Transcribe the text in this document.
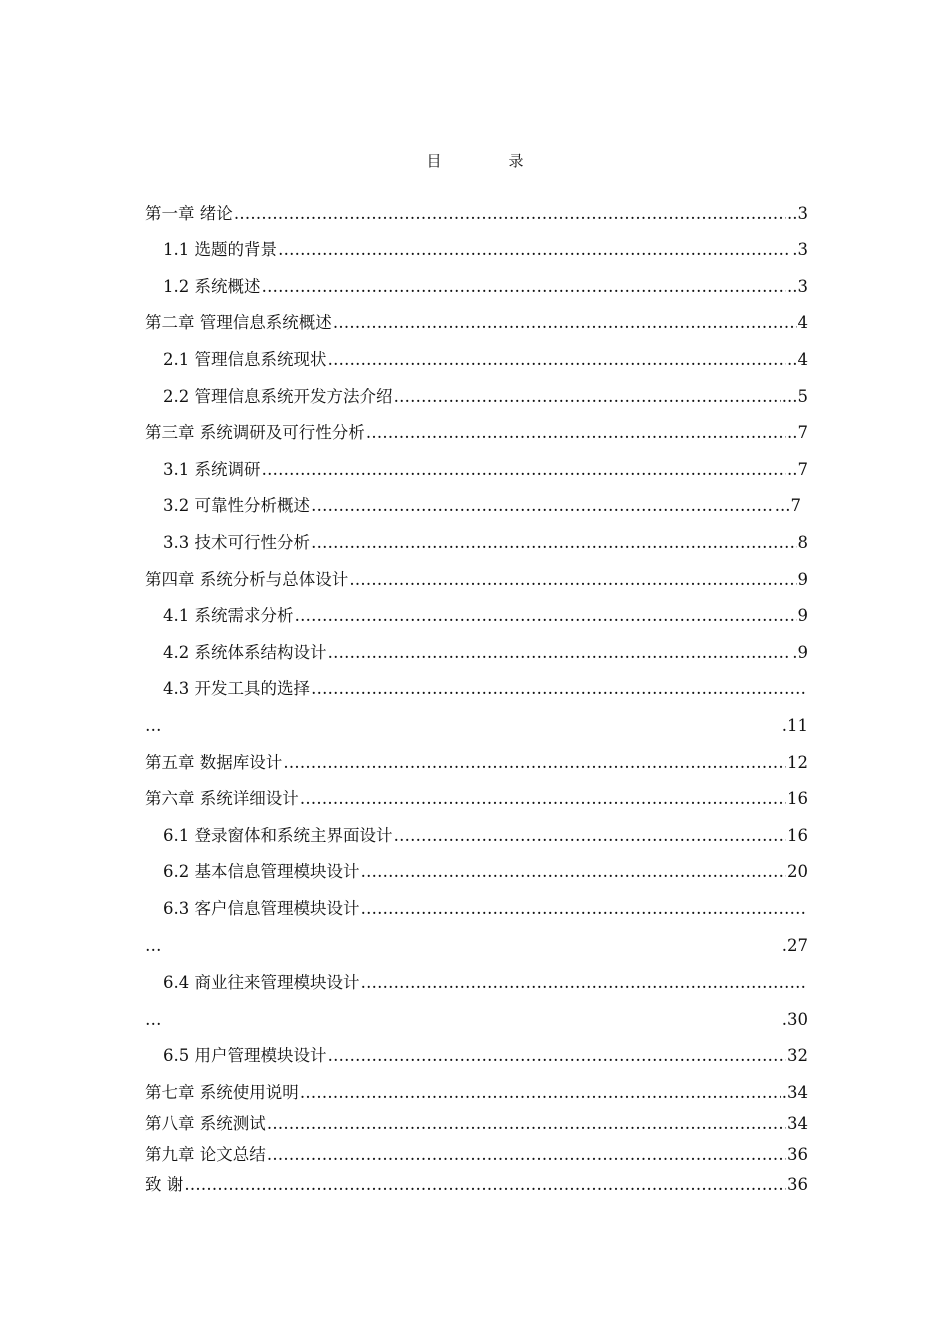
目　录
第一章 绪论 ……………………………………………………………………………………………………………………………………………………………………………………………………………………	..3
1.1 选题的背景 ……………………………………………………………………………………………………………………………………………………………………………………………………………………	.3
1.2 系统概述 ……………………………………………………………………………………………………………………………………………………………………………………………………………………	..3
第二章 管理信息系统概述 ……………………………………………………………………………………………………………………………………………………………………………………………………………………	4
2.1 管理信息系统现状 ……………………………………………………………………………………………………………………………………………………………………………………………………………………	..4
2.2 管理信息系统开发方法介绍 ……………………………………………………………………………………………………………………………………………………………………………………………………………………	...5
第三章 系统调研及可行性分析 ……………………………………………………………………………………………………………………………………………………………………………………………………………………	..7
3.1 系统调研 ……………………………………………………………………………………………………………………………………………………………………………………………………………………	..7
3.2 可靠性分析概述 ……………………………………………………………………………………………………………………………………………………………………………………………………………………	...7
3.3 技术可行性分析 ……………………………………………………………………………………………………………………………………………………………………………………………………………………	8
第四章 系统分析与总体设计 ……………………………………………………………………………………………………………………………………………………………………………………………………………………	9
4.1 系统需求分析 ……………………………………………………………………………………………………………………………………………………………………………………………………………………	9
4.2 系统体系结构设计 ……………………………………………………………………………………………………………………………………………………………………………………………………………………	.9
4.3 开发工具的选择
……………………………………………………………………………………………………………………………………………………………………………………………………………………
…	.11
第五章 数据库设计 ……………………………………………………………………………………………………………………………………………………………………………………………………………………	12
第六章 系统详细设计 ……………………………………………………………………………………………………………………………………………………………………………………………………………………	16
6.1 登录窗体和系统主界面设计 ……………………………………………………………………………………………………………………………………………………………………………………………………………………	16
6.2 基本信息管理模块设计 ……………………………………………………………………………………………………………………………………………………………………………………………………………………	20
6.3 客户信息管理模块设计
……………………………………………………………………………………………………………………………………………………………………………………………………………………
…	.27
6.4 商业往来管理模块设计
……………………………………………………………………………………………………………………………………………………………………………………………………………………
…	.30
6.5 用户管理模块设计 ……………………………………………………………………………………………………………………………………………………………………………………………………………………	32
第七章 系统使用说明 ……………………………………………………………………………………………………………………………………………………………………………………………………………………	.34
第八章 系统测试 ……………………………………………………………………………………………………………………………………………………………………………………………………………………	34
第九章 论文总结 ……………………………………………………………………………………………………………………………………………………………………………………………………………………	36
致 谢 ……………………………………………………………………………………………………………………………………………………………………………………………………………………	36
